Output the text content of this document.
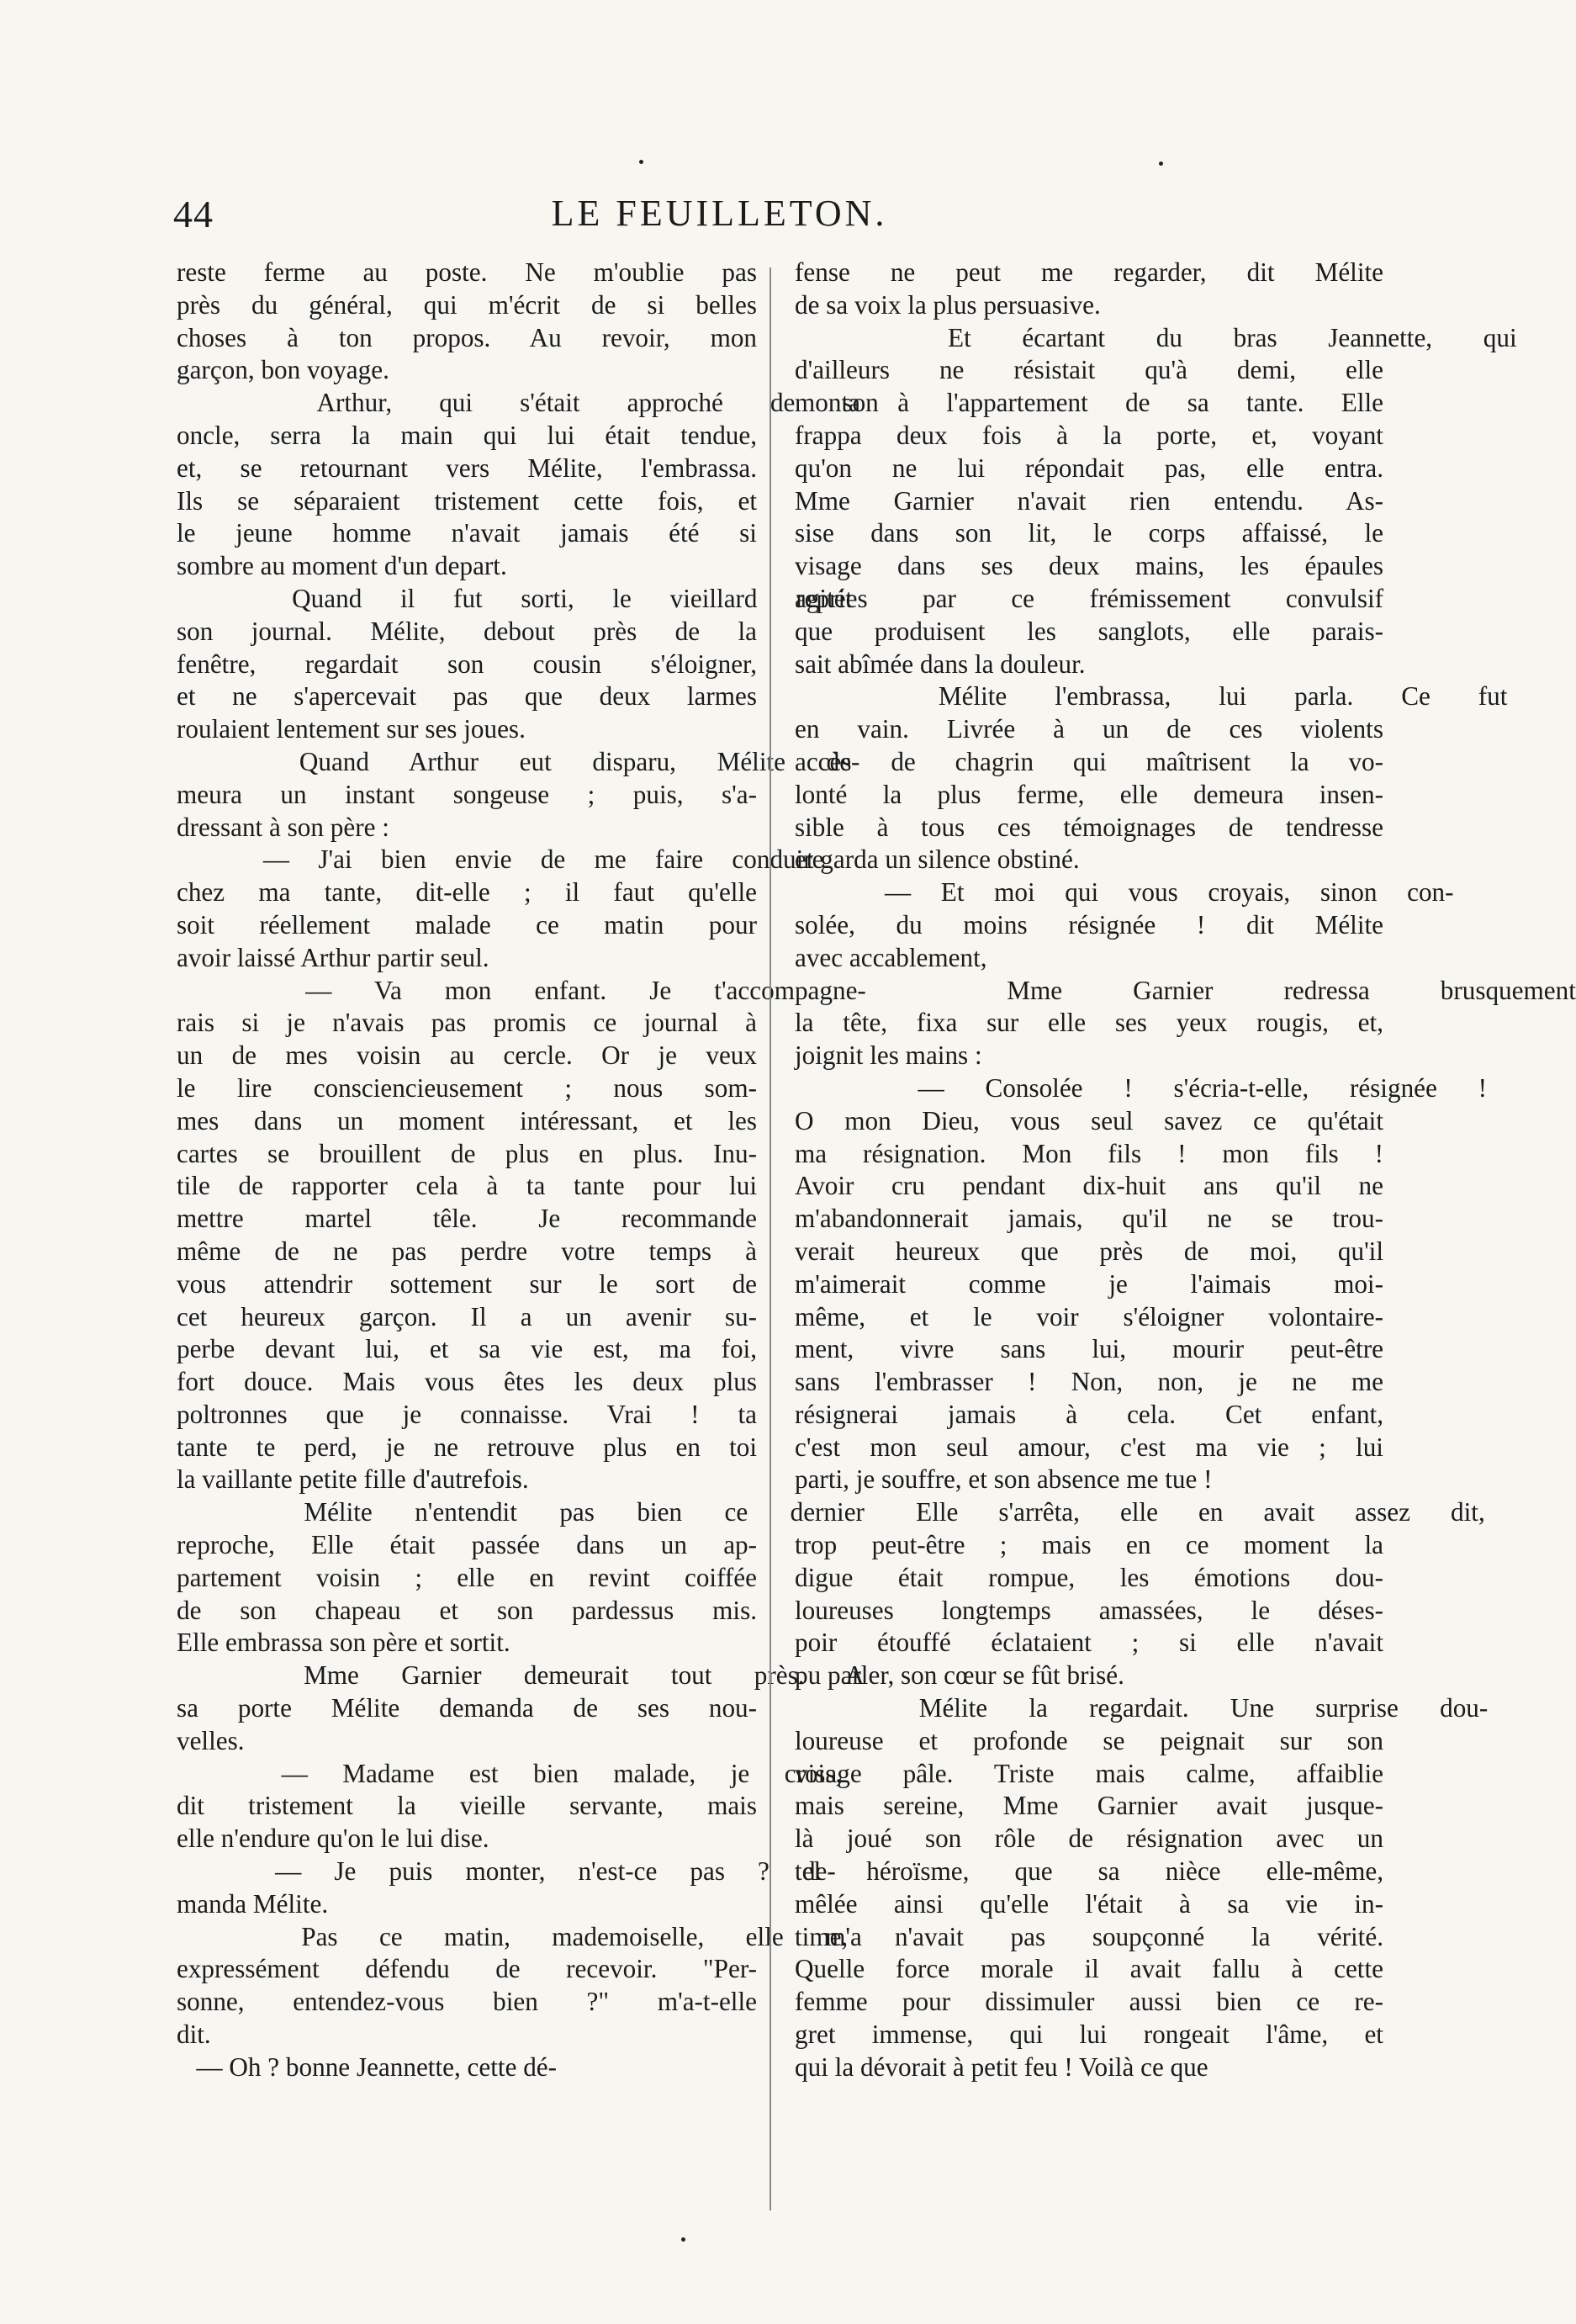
44	LE FEUILLETON.
reste ferme au poste. Ne m'oublie pas
près du général, qui m'écrit de si belles
choses à ton propos. Au revoir, mon
garçon, bon voyage.
Arthur, qui s'était approché de son
oncle, serra la main qui lui était tendue,
et, se retournant vers Mélite, l'embrassa.
Ils se séparaient tristement cette fois, et
le jeune homme n'avait jamais été si
sombre au moment d'un depart.
Quand il fut sorti, le vieillard reprit
son journal. Mélite, debout près de la
fenêtre, regardait son cousin s'éloigner,
et ne s'apercevait pas que deux larmes
roulaient lentement sur ses joues.
Quand Arthur eut disparu, Mélite de-
meura un instant songeuse ; puis, s'a-
dressant à son père :
— J'ai bien envie de me faire conduire
chez ma tante, dit-elle ; il faut qu'elle
soit réellement malade ce matin pour
avoir laissé Arthur partir seul.
— Va mon enfant. Je t'accompagne-
rais si je n'avais pas promis ce journal à
un de mes voisin au cercle. Or je veux
le lire consciencieusement ; nous som-
mes dans un moment intéressant, et les
cartes se brouillent de plus en plus. Inu-
tile de rapporter cela à ta tante pour lui
mettre martel têle. Je recommande
même de ne pas perdre votre temps à
vous attendrir sottement sur le sort de
cet heureux garçon. Il a un avenir su-
perbe devant lui, et sa vie est, ma foi,
fort douce. Mais vous êtes les deux plus
poltronnes que je connaisse. Vrai ! ta
tante te perd, je ne retrouve plus en toi
la vaillante petite fille d'autrefois.
Mélite n'entendit pas bien ce dernier
reproche, Elle était passée dans un ap-
partement voisin ; elle en revint coiffée
de son chapeau et son pardessus mis.
Elle embrassa son père et sortit.
Mme Garnier demeurait tout près. A
sa porte Mélite demanda de ses nou-
velles.
— Madame est bien malade, je crois,
dit tristement la vieille servante, mais
elle n'endure qu'on le lui dise.
— Je puis monter, n'est-ce pas ? de-
manda Mélite.
Pas ce matin, mademoiselle, elle m'a
expressément défendu de recevoir. "Per-
sonne, entendez-vous bien ?" m'a-t-elle
dit.
— Oh ? bonne Jeannette, cette dé-
fense ne peut me regarder, dit Mélite
de sa voix la plus persuasive.
Et écartant du bras Jeannette, qui
d'ailleurs ne résistait qu'à demi, elle
monta à l'appartement de sa tante. Elle
frappa deux fois à la porte, et, voyant
qu'on ne lui répondait pas, elle entra.
Mme Garnier n'avait rien entendu. As-
sise dans son lit, le corps affaissé, le
visage dans ses deux mains, les épaules
agitées par ce frémissement convulsif
que produisent les sanglots, elle parais-
sait abîmée dans la douleur.
Mélite l'embrassa, lui parla. Ce fut
en vain. Livrée à un de ces violents
accès de chagrin qui maîtrisent la vo-
lonté la plus ferme, elle demeura insen-
sible à tous ces témoignages de tendresse
et garda un silence obstiné.
— Et moi qui vous croyais, sinon con-
solée, du moins résignée ! dit Mélite
avec accablement,
Mme Garnier redressa brusquement
la tête, fixa sur elle ses yeux rougis, et,
joignit les mains :
— Consolée ! s'écria-t-elle, résignée !
O mon Dieu, vous seul savez ce qu'était
ma résignation. Mon fils ! mon fils !
Avoir cru pendant dix-huit ans qu'il ne
m'abandonnerait jamais, qu'il ne se trou-
verait heureux que près de moi, qu'il
m'aimerait comme je l'aimais moi-
même, et le voir s'éloigner volontaire-
ment, vivre sans lui, mourir peut-être
sans l'embrasser ! Non, non, je ne me
résignerai jamais à cela. Cet enfant,
c'est mon seul amour, c'est ma vie ; lui
parti, je souffre, et son absence me tue !
Elle s'arrêta, elle en avait assez dit,
trop peut-être ; mais en ce moment la
digue était rompue, les émotions dou-
loureuses longtemps amassées, le déses-
poir étouffé éclataient ; si elle n'avait
pu parler, son cœur se fût brisé.
Mélite la regardait. Une surprise dou-
loureuse et profonde se peignait sur son
visage pâle. Triste mais calme, affaiblie
mais sereine, Mme Garnier avait jusque-
là joué son rôle de résignation avec un
tel héroïsme, que sa nièce elle-même,
mêlée ainsi qu'elle l'était à sa vie in-
time, n'avait pas soupçonné la vérité.
Quelle force morale il avait fallu à cette
femme pour dissimuler aussi bien ce re-
gret immense, qui lui rongeait l'âme, et
qui la dévorait à petit feu ! Voilà ce que
